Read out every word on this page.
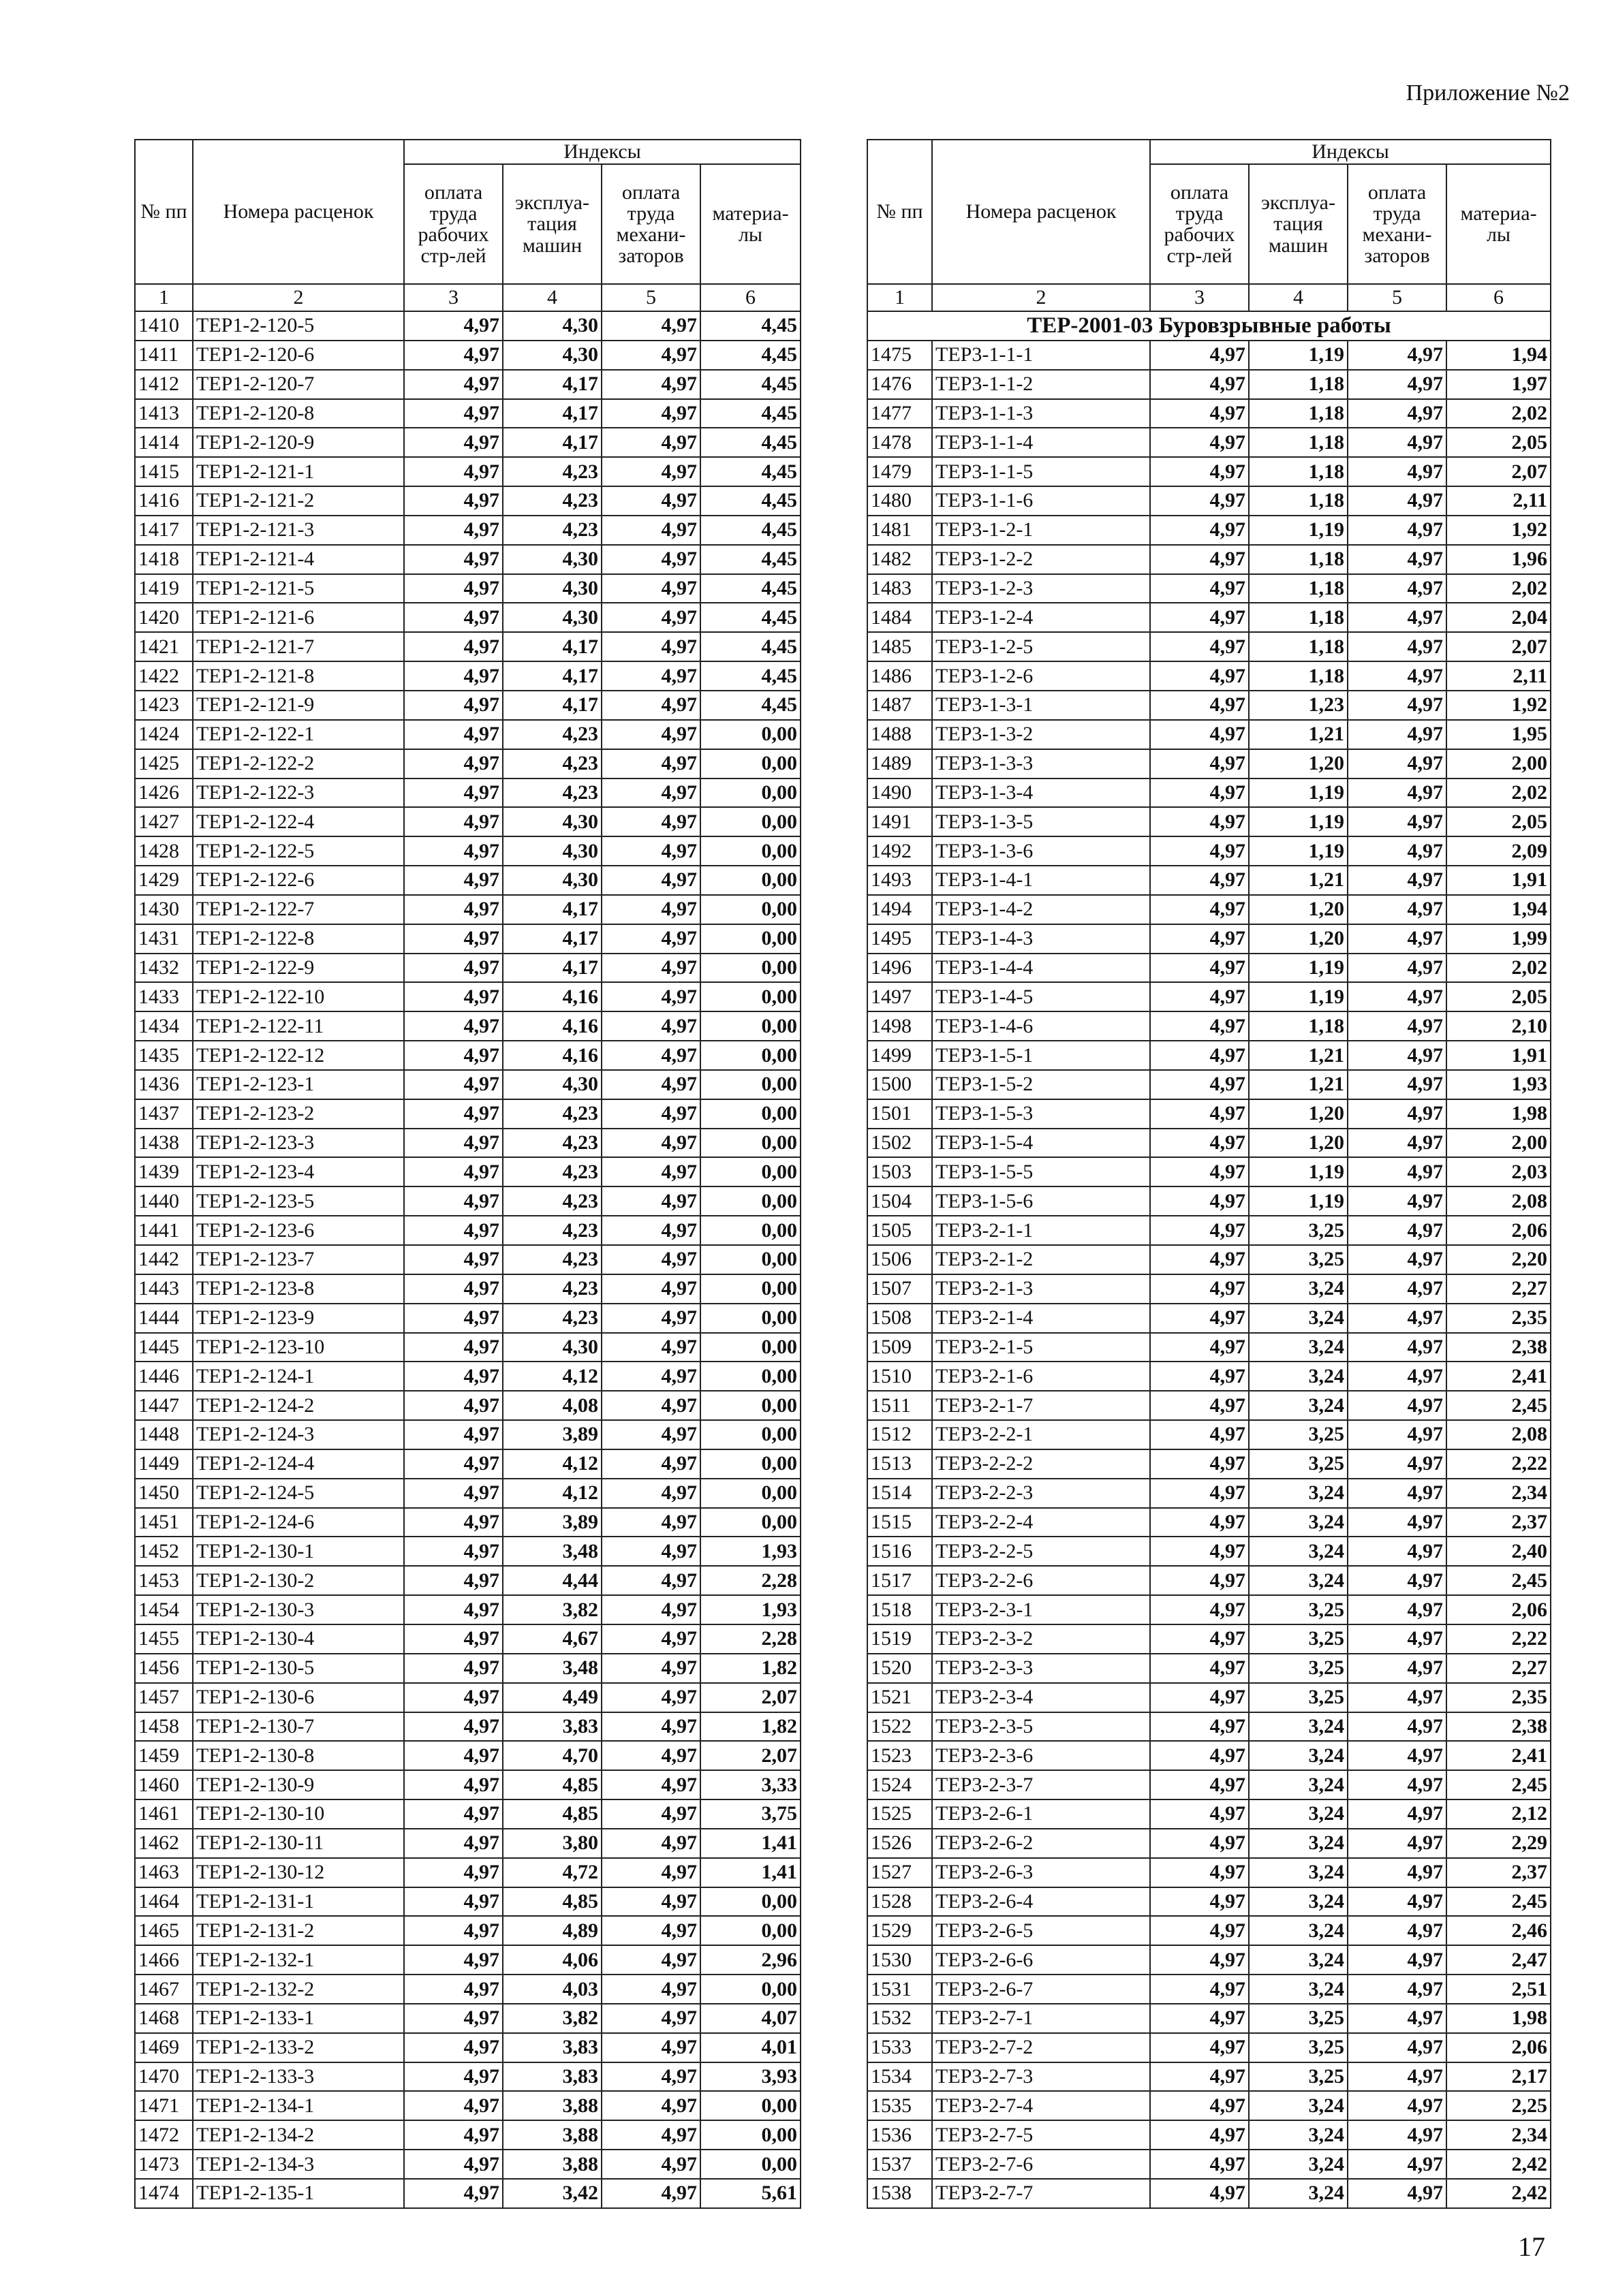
Приложение №2
№ пп	Номера расценок	Индексы			
		оплата труда рабочих стр-лей	эксплуа-тация машин	оплата труда механи-заторов	материа-лы
1	2	3	4	5	6
1410	ТЕР1-2-120-5	4,97	4,30	4,97	4,45
1411	ТЕР1-2-120-6	4,97	4,30	4,97	4,45
1412	ТЕР1-2-120-7	4,97	4,17	4,97	4,45
1413	ТЕР1-2-120-8	4,97	4,17	4,97	4,45
1414	ТЕР1-2-120-9	4,97	4,17	4,97	4,45
1415	ТЕР1-2-121-1	4,97	4,23	4,97	4,45
1416	ТЕР1-2-121-2	4,97	4,23	4,97	4,45
1417	ТЕР1-2-121-3	4,97	4,23	4,97	4,45
1418	ТЕР1-2-121-4	4,97	4,30	4,97	4,45
1419	ТЕР1-2-121-5	4,97	4,30	4,97	4,45
1420	ТЕР1-2-121-6	4,97	4,30	4,97	4,45
1421	ТЕР1-2-121-7	4,97	4,17	4,97	4,45
1422	ТЕР1-2-121-8	4,97	4,17	4,97	4,45
1423	ТЕР1-2-121-9	4,97	4,17	4,97	4,45
1424	ТЕР1-2-122-1	4,97	4,23	4,97	0,00
1425	ТЕР1-2-122-2	4,97	4,23	4,97	0,00
1426	ТЕР1-2-122-3	4,97	4,23	4,97	0,00
1427	ТЕР1-2-122-4	4,97	4,30	4,97	0,00
1428	ТЕР1-2-122-5	4,97	4,30	4,97	0,00
1429	ТЕР1-2-122-6	4,97	4,30	4,97	0,00
1430	ТЕР1-2-122-7	4,97	4,17	4,97	0,00
1431	ТЕР1-2-122-8	4,97	4,17	4,97	0,00
1432	ТЕР1-2-122-9	4,97	4,17	4,97	0,00
1433	ТЕР1-2-122-10	4,97	4,16	4,97	0,00
1434	ТЕР1-2-122-11	4,97	4,16	4,97	0,00
1435	ТЕР1-2-122-12	4,97	4,16	4,97	0,00
1436	ТЕР1-2-123-1	4,97	4,30	4,97	0,00
1437	ТЕР1-2-123-2	4,97	4,23	4,97	0,00
1438	ТЕР1-2-123-3	4,97	4,23	4,97	0,00
1439	ТЕР1-2-123-4	4,97	4,23	4,97	0,00
1440	ТЕР1-2-123-5	4,97	4,23	4,97	0,00
1441	ТЕР1-2-123-6	4,97	4,23	4,97	0,00
1442	ТЕР1-2-123-7	4,97	4,23	4,97	0,00
1443	ТЕР1-2-123-8	4,97	4,23	4,97	0,00
1444	ТЕР1-2-123-9	4,97	4,23	4,97	0,00
1445	ТЕР1-2-123-10	4,97	4,30	4,97	0,00
1446	ТЕР1-2-124-1	4,97	4,12	4,97	0,00
1447	ТЕР1-2-124-2	4,97	4,08	4,97	0,00
1448	ТЕР1-2-124-3	4,97	3,89	4,97	0,00
1449	ТЕР1-2-124-4	4,97	4,12	4,97	0,00
1450	ТЕР1-2-124-5	4,97	4,12	4,97	0,00
1451	ТЕР1-2-124-6	4,97	3,89	4,97	0,00
1452	ТЕР1-2-130-1	4,97	3,48	4,97	1,93
1453	ТЕР1-2-130-2	4,97	4,44	4,97	2,28
1454	ТЕР1-2-130-3	4,97	3,82	4,97	1,93
1455	ТЕР1-2-130-4	4,97	4,67	4,97	2,28
1456	ТЕР1-2-130-5	4,97	3,48	4,97	1,82
1457	ТЕР1-2-130-6	4,97	4,49	4,97	2,07
1458	ТЕР1-2-130-7	4,97	3,83	4,97	1,82
1459	ТЕР1-2-130-8	4,97	4,70	4,97	2,07
1460	ТЕР1-2-130-9	4,97	4,85	4,97	3,33
1461	ТЕР1-2-130-10	4,97	4,85	4,97	3,75
1462	ТЕР1-2-130-11	4,97	3,80	4,97	1,41
1463	ТЕР1-2-130-12	4,97	4,72	4,97	1,41
1464	ТЕР1-2-131-1	4,97	4,85	4,97	0,00
1465	ТЕР1-2-131-2	4,97	4,89	4,97	0,00
1466	ТЕР1-2-132-1	4,97	4,06	4,97	2,96
1467	ТЕР1-2-132-2	4,97	4,03	4,97	0,00
1468	ТЕР1-2-133-1	4,97	3,82	4,97	4,07
1469	ТЕР1-2-133-2	4,97	3,83	4,97	4,01
1470	ТЕР1-2-133-3	4,97	3,83	4,97	3,93
1471	ТЕР1-2-134-1	4,97	3,88	4,97	0,00
1472	ТЕР1-2-134-2	4,97	3,88	4,97	0,00
1473	ТЕР1-2-134-3	4,97	3,88	4,97	0,00
1474	ТЕР1-2-135-1	4,97	3,42	4,97	5,61
№ пп	Номера расценок	Индексы			
		оплата труда рабочих стр-лей	эксплуа-тация машин	оплата труда механи-заторов	материа-лы
1	2	3	4	5	6
ТЕР-2001-03 Буровзрывные работы					
1475	ТЕР3-1-1-1	4,97	1,19	4,97	1,94
1476	ТЕР3-1-1-2	4,97	1,18	4,97	1,97
1477	ТЕР3-1-1-3	4,97	1,18	4,97	2,02
1478	ТЕР3-1-1-4	4,97	1,18	4,97	2,05
1479	ТЕР3-1-1-5	4,97	1,18	4,97	2,07
1480	ТЕР3-1-1-6	4,97	1,18	4,97	2,11
1481	ТЕР3-1-2-1	4,97	1,19	4,97	1,92
1482	ТЕР3-1-2-2	4,97	1,18	4,97	1,96
1483	ТЕР3-1-2-3	4,97	1,18	4,97	2,02
1484	ТЕР3-1-2-4	4,97	1,18	4,97	2,04
1485	ТЕР3-1-2-5	4,97	1,18	4,97	2,07
1486	ТЕР3-1-2-6	4,97	1,18	4,97	2,11
1487	ТЕР3-1-3-1	4,97	1,23	4,97	1,92
1488	ТЕР3-1-3-2	4,97	1,21	4,97	1,95
1489	ТЕР3-1-3-3	4,97	1,20	4,97	2,00
1490	ТЕР3-1-3-4	4,97	1,19	4,97	2,02
1491	ТЕР3-1-3-5	4,97	1,19	4,97	2,05
1492	ТЕР3-1-3-6	4,97	1,19	4,97	2,09
1493	ТЕР3-1-4-1	4,97	1,21	4,97	1,91
1494	ТЕР3-1-4-2	4,97	1,20	4,97	1,94
1495	ТЕР3-1-4-3	4,97	1,20	4,97	1,99
1496	ТЕР3-1-4-4	4,97	1,19	4,97	2,02
1497	ТЕР3-1-4-5	4,97	1,19	4,97	2,05
1498	ТЕР3-1-4-6	4,97	1,18	4,97	2,10
1499	ТЕР3-1-5-1	4,97	1,21	4,97	1,91
1500	ТЕР3-1-5-2	4,97	1,21	4,97	1,93
1501	ТЕР3-1-5-3	4,97	1,20	4,97	1,98
1502	ТЕР3-1-5-4	4,97	1,20	4,97	2,00
1503	ТЕР3-1-5-5	4,97	1,19	4,97	2,03
1504	ТЕР3-1-5-6	4,97	1,19	4,97	2,08
1505	ТЕР3-2-1-1	4,97	3,25	4,97	2,06
1506	ТЕР3-2-1-2	4,97	3,25	4,97	2,20
1507	ТЕР3-2-1-3	4,97	3,24	4,97	2,27
1508	ТЕР3-2-1-4	4,97	3,24	4,97	2,35
1509	ТЕР3-2-1-5	4,97	3,24	4,97	2,38
1510	ТЕР3-2-1-6	4,97	3,24	4,97	2,41
1511	ТЕР3-2-1-7	4,97	3,24	4,97	2,45
1512	ТЕР3-2-2-1	4,97	3,25	4,97	2,08
1513	ТЕР3-2-2-2	4,97	3,25	4,97	2,22
1514	ТЕР3-2-2-3	4,97	3,24	4,97	2,34
1515	ТЕР3-2-2-4	4,97	3,24	4,97	2,37
1516	ТЕР3-2-2-5	4,97	3,24	4,97	2,40
1517	ТЕР3-2-2-6	4,97	3,24	4,97	2,45
1518	ТЕР3-2-3-1	4,97	3,25	4,97	2,06
1519	ТЕР3-2-3-2	4,97	3,25	4,97	2,22
1520	ТЕР3-2-3-3	4,97	3,25	4,97	2,27
1521	ТЕР3-2-3-4	4,97	3,25	4,97	2,35
1522	ТЕР3-2-3-5	4,97	3,24	4,97	2,38
1523	ТЕР3-2-3-6	4,97	3,24	4,97	2,41
1524	ТЕР3-2-3-7	4,97	3,24	4,97	2,45
1525	ТЕР3-2-6-1	4,97	3,24	4,97	2,12
1526	ТЕР3-2-6-2	4,97	3,24	4,97	2,29
1527	ТЕР3-2-6-3	4,97	3,24	4,97	2,37
1528	ТЕР3-2-6-4	4,97	3,24	4,97	2,45
1529	ТЕР3-2-6-5	4,97	3,24	4,97	2,46
1530	ТЕР3-2-6-6	4,97	3,24	4,97	2,47
1531	ТЕР3-2-6-7	4,97	3,24	4,97	2,51
1532	ТЕР3-2-7-1	4,97	3,25	4,97	1,98
1533	ТЕР3-2-7-2	4,97	3,25	4,97	2,06
1534	ТЕР3-2-7-3	4,97	3,25	4,97	2,17
1535	ТЕР3-2-7-4	4,97	3,24	4,97	2,25
1536	ТЕР3-2-7-5	4,97	3,24	4,97	2,34
1537	ТЕР3-2-7-6	4,97	3,24	4,97	2,42
1538	ТЕР3-2-7-7	4,97	3,24	4,97	2,42
17
